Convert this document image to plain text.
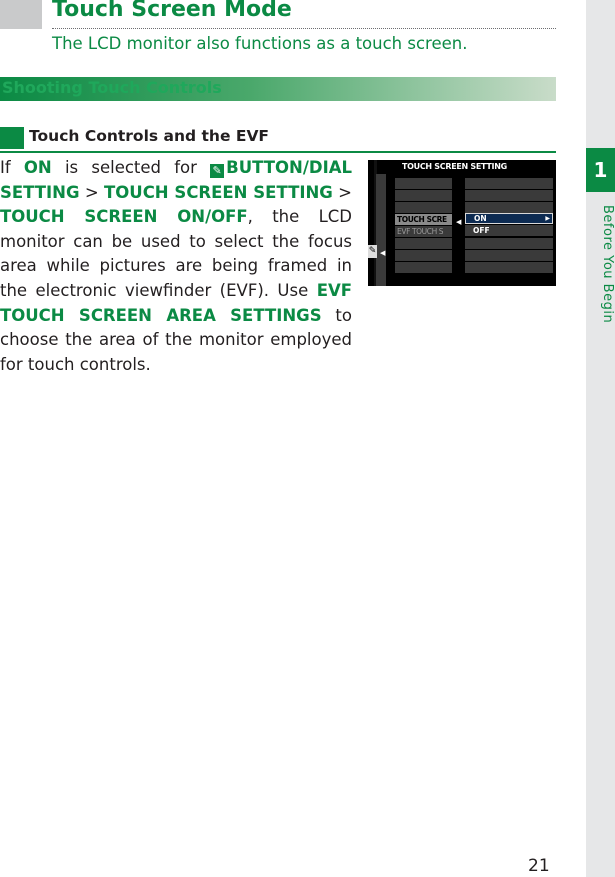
1
Before You Begin
Touch Screen Mode
The LCD monitor also functions as a touch screen.
Shooting Touch Controls
Touch Controls and the EVF
If ON is selected for ✎ BUTTON/DIAL SETTING > TOUCH SCREEN SETTING > TOUCH SCREEN ON/OFF, the LCD monitor can be used to select the focus area while pictures are being framed in the electronic viewfinder (EVF). Use EVF TOUCH SCREEN AREA SETTINGS to choose the area of the monitor employed for touch controls.
TOUCH SCREEN SETTING
✎ ◀
TOUCH SCRE
EVF TOUCH S
◀	ON	▶
OFF
21
